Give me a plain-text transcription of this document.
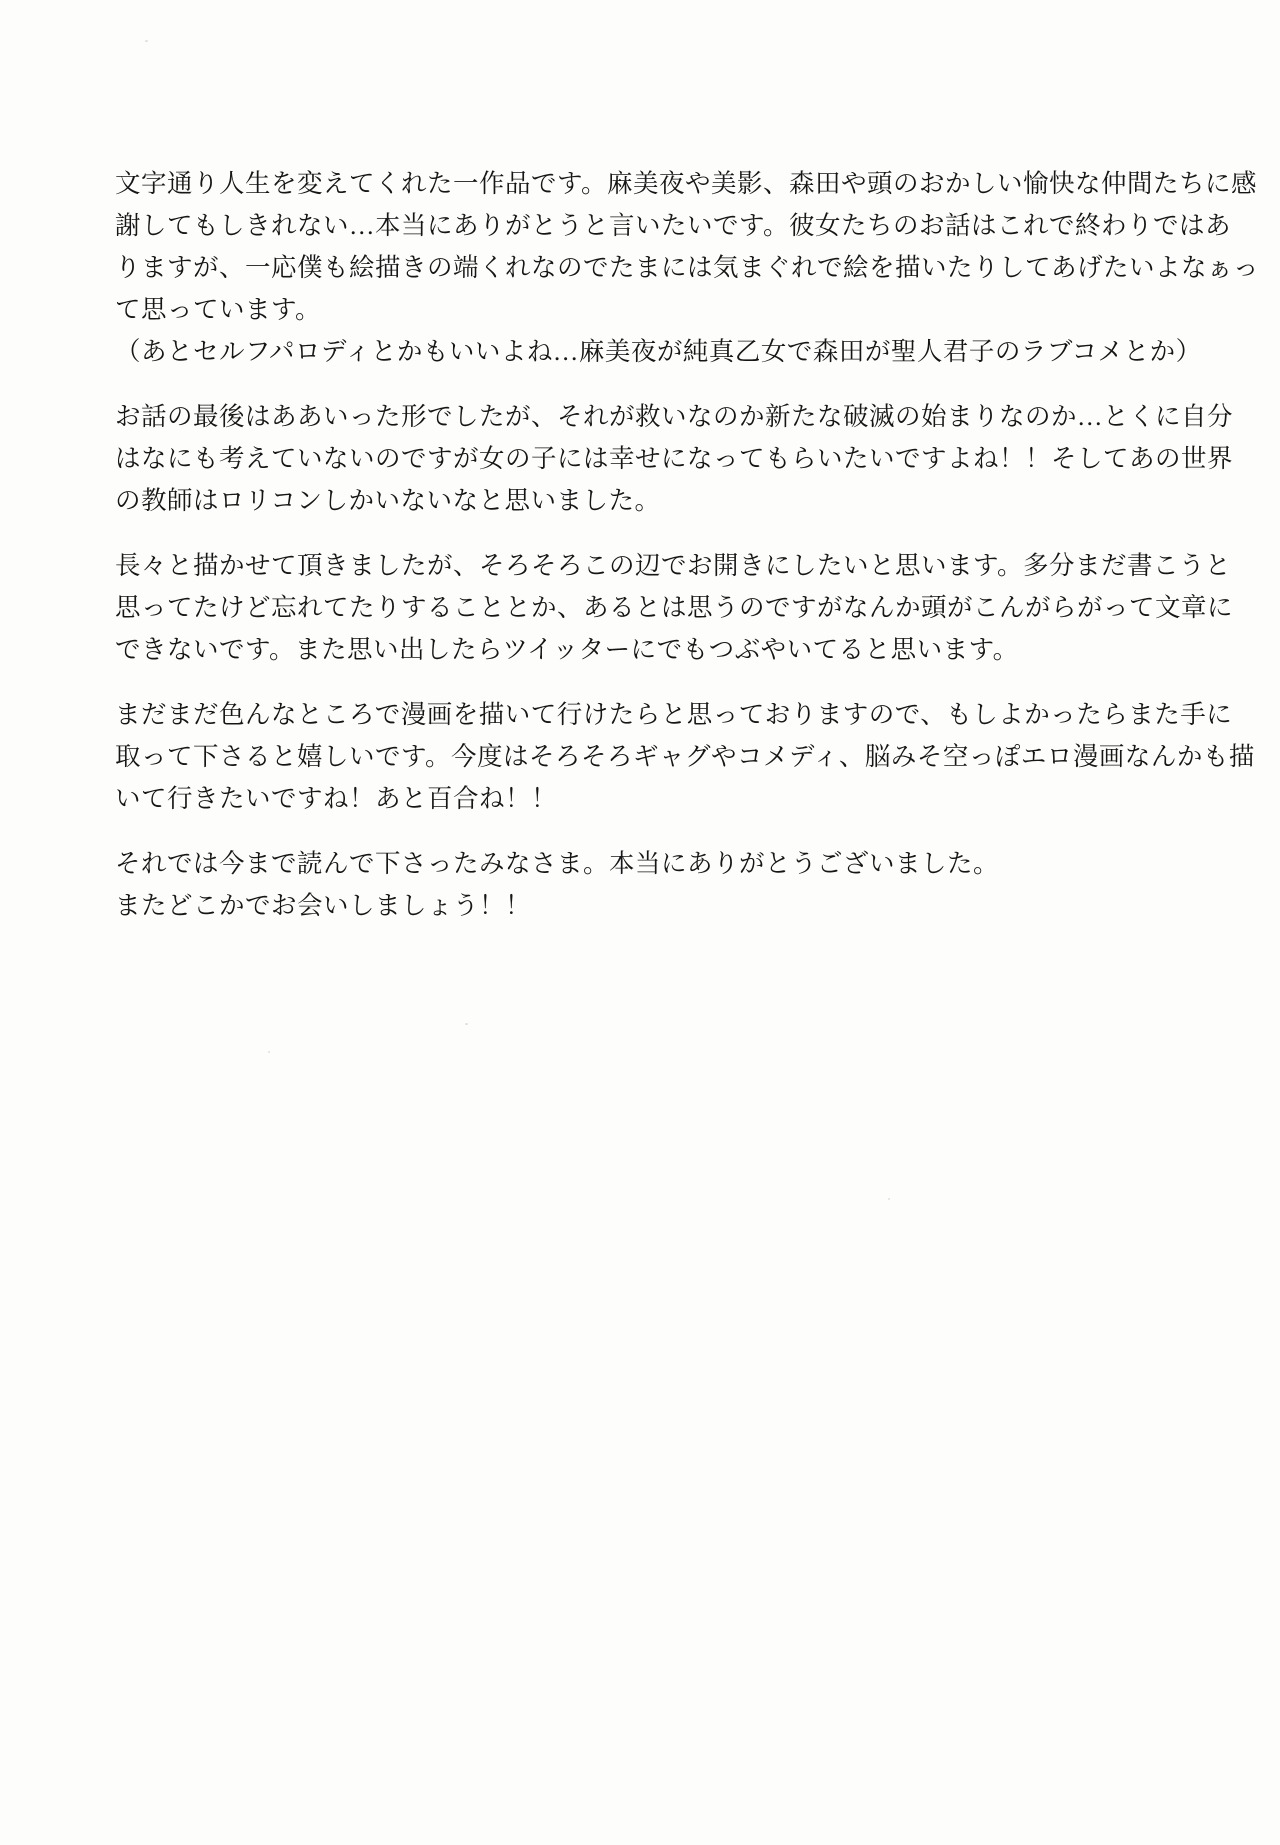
文字通り人生を変えてくれた一作品です。麻美夜や美影、森田や頭のおかしい愉快な仲間たちに感
謝してもしきれない…本当にありがとうと言いたいです。彼女たちのお話はこれで終わりではあ
りますが、一応僕も絵描きの端くれなのでたまには気まぐれで絵を描いたりしてあげたいよなぁっ
て思っています。
（あとセルフパロディとかもいいよね…麻美夜が純真乙女で森田が聖人君子のラブコメとか）

お話の最後はああいった形でしたが、それが救いなのか新たな破滅の始まりなのか…とくに自分
はなにも考えていないのですが女の子には幸せになってもらいたいですよね！！そしてあの世界
の教師はロリコンしかいないなと思いました。

長々と描かせて頂きましたが、そろそろこの辺でお開きにしたいと思います。多分まだ書こうと
思ってたけど忘れてたりすることとか、あるとは思うのですがなんか頭がこんがらがって文章に
できないです。また思い出したらツイッターにでもつぶやいてると思います。

まだまだ色んなところで漫画を描いて行けたらと思っておりますので、もしよかったらまた手に
取って下さると嬉しいです。今度はそろそろギャグやコメディ、脳みそ空っぽエロ漫画なんかも描
いて行きたいですね！あと百合ね！！

それでは今まで読んで下さったみなさま。本当にありがとうございました。
またどこかでお会いしましょう！！
